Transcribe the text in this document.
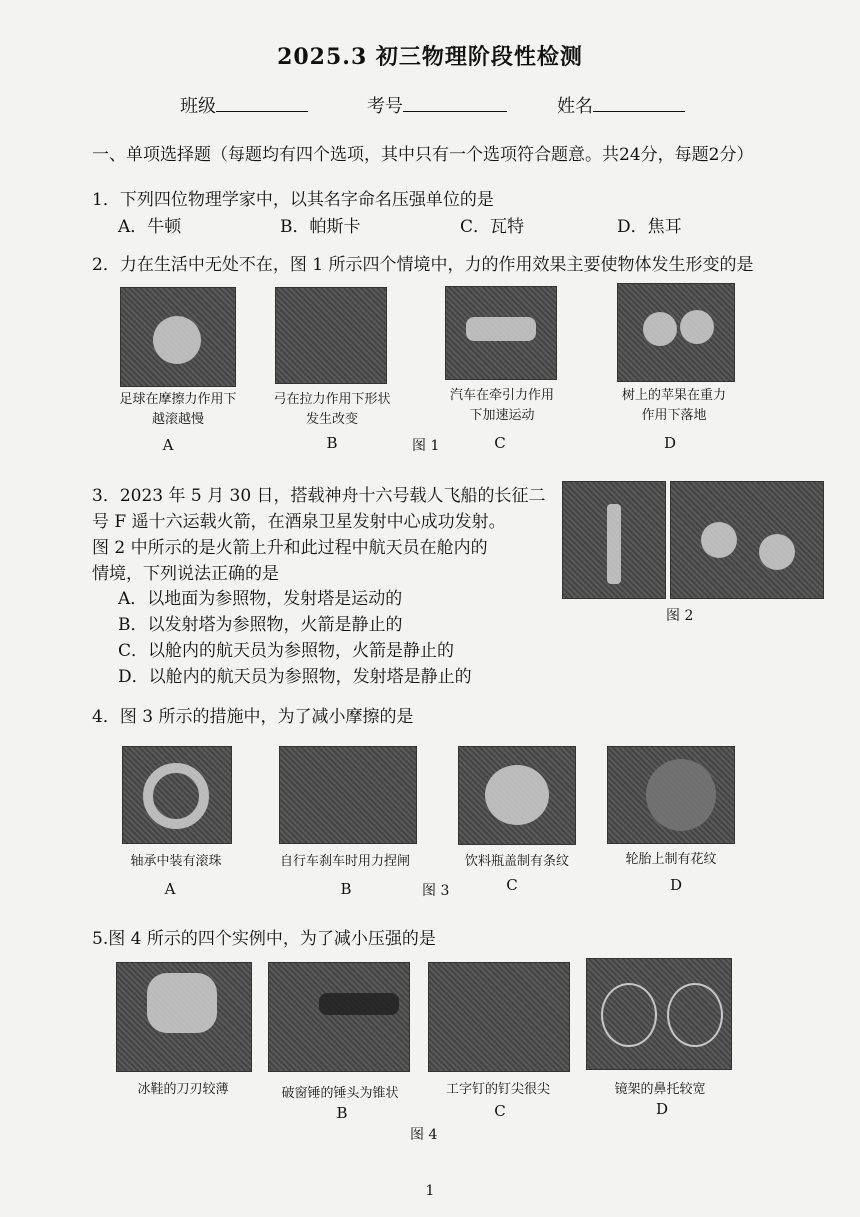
2025.3 初三物理阶段性检测
班级	考号	姓名
一、单项选择题（每题均有四个选项，其中只有一个选项符合题意。共24分，每题2分）
1．下列四位物理学家中，以其名字命名压强单位的是
A．牛顿	B．帕斯卡	C．瓦特	D．焦耳
2．力在生活中无处不在，图 1 所示四个情境中，力的作用效果主要使物体发生形变的是
足球在摩擦力作用下
越滚越慢
弓在拉力作用下形状
发生改变
汽车在牵引力作用
下加速运动
树上的苹果在重力
作用下落地
A	B	图 1	C	D
3．2023 年 5 月 30 日，搭载神舟十六号载人飞船的长征二
号 F 遥十六运载火箭，在酒泉卫星发射中心成功发射。
图 2 中所示的是火箭上升和此过程中航天员在舱内的
情境，下列说法正确的是
A．以地面为参照物，发射塔是运动的
B．以发射塔为参照物，火箭是静止的
C．以舱内的航天员为参照物，火箭是静止的
D．以舱内的航天员为参照物，发射塔是静止的
图 2
4．图 3 所示的措施中，为了减小摩擦的是
轴承中装有滚珠	自行车刹车时用力捏闸	饮料瓶盖制有条纹	轮胎上制有花纹
A	B	图 3	C	D
5.图 4 所示的四个实例中，为了减小压强的是
冰鞋的刀刃较薄	破窗锤的锤头为锥状	工字钉的钉尖很尖	镜架的鼻托较宽
B	C	D
图 4
1
